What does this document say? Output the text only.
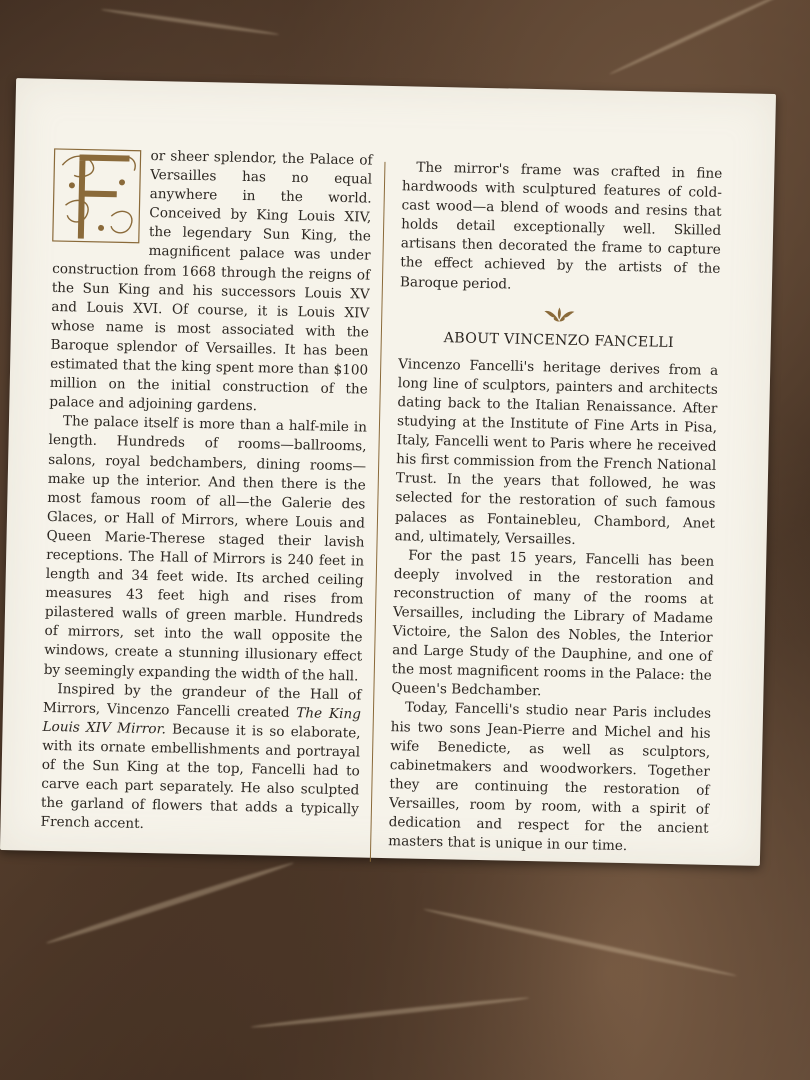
or sheer splendor, the Palace of Versailles has no equal anywhere in the world. Conceived by King Louis XIV, the legendary Sun King, the magnificent palace was under construction from 1668 through the reigns of the Sun King and his successors Louis XV and Louis XVI. Of course, it is Louis XIV whose name is most associated with the Baroque splendor of Versailles. It has been estimated that the king spent more than $100 million on the initial construction of the palace and adjoining gardens.

The palace itself is more than a half-mile in length. Hundreds of rooms—ballrooms, salons, royal bedchambers, dining rooms—make up the interior. And then there is the most famous room of all—the Galerie des Glaces, or Hall of Mirrors, where Louis and Queen Marie-Therese staged their lavish receptions. The Hall of Mirrors is 240 feet in length and 34 feet wide. Its arched ceiling measures 43 feet high and rises from pilastered walls of green marble. Hundreds of mirrors, set into the wall opposite the windows, create a stunning illusionary effect by seemingly expanding the width of the hall.

Inspired by the grandeur of the Hall of Mirrors, Vincenzo Fancelli created The King Louis XIV Mirror. Because it is so elaborate, with its ornate embellishments and portrayal of the Sun King at the top, Fancelli had to carve each part separately. He also sculpted the garland of flowers that adds a typically French accent.

The mirror's frame was crafted in fine hardwoods with sculptured features of cold-cast wood—a blend of woods and resins that holds detail exceptionally well. Skilled artisans then decorated the frame to capture the effect achieved by the artists of the Baroque period.

ABOUT VINCENZO FANCELLI

Vincenzo Fancelli's heritage derives from a long line of sculptors, painters and architects dating back to the Italian Renaissance. After studying at the Institute of Fine Arts in Pisa, Italy, Fancelli went to Paris where he received his first commission from the French National Trust. In the years that followed, he was selected for the restoration of such famous palaces as Fontainebleu, Chambord, Anet and, ultimately, Versailles.

For the past 15 years, Fancelli has been deeply involved in the restoration and reconstruction of many of the rooms at Versailles, including the Library of Madame Victoire, the Salon des Nobles, the Interior and Large Study of the Dauphine, and one of the most magnificent rooms in the Palace: the Queen's Bedchamber.

Today, Fancelli's studio near Paris includes his two sons Jean-Pierre and Michel and his wife Benedicte, as well as sculptors, cabinetmakers and woodworkers. Together they are continuing the restoration of Versailles, room by room, with a spirit of dedication and respect for the ancient masters that is unique in our time.
